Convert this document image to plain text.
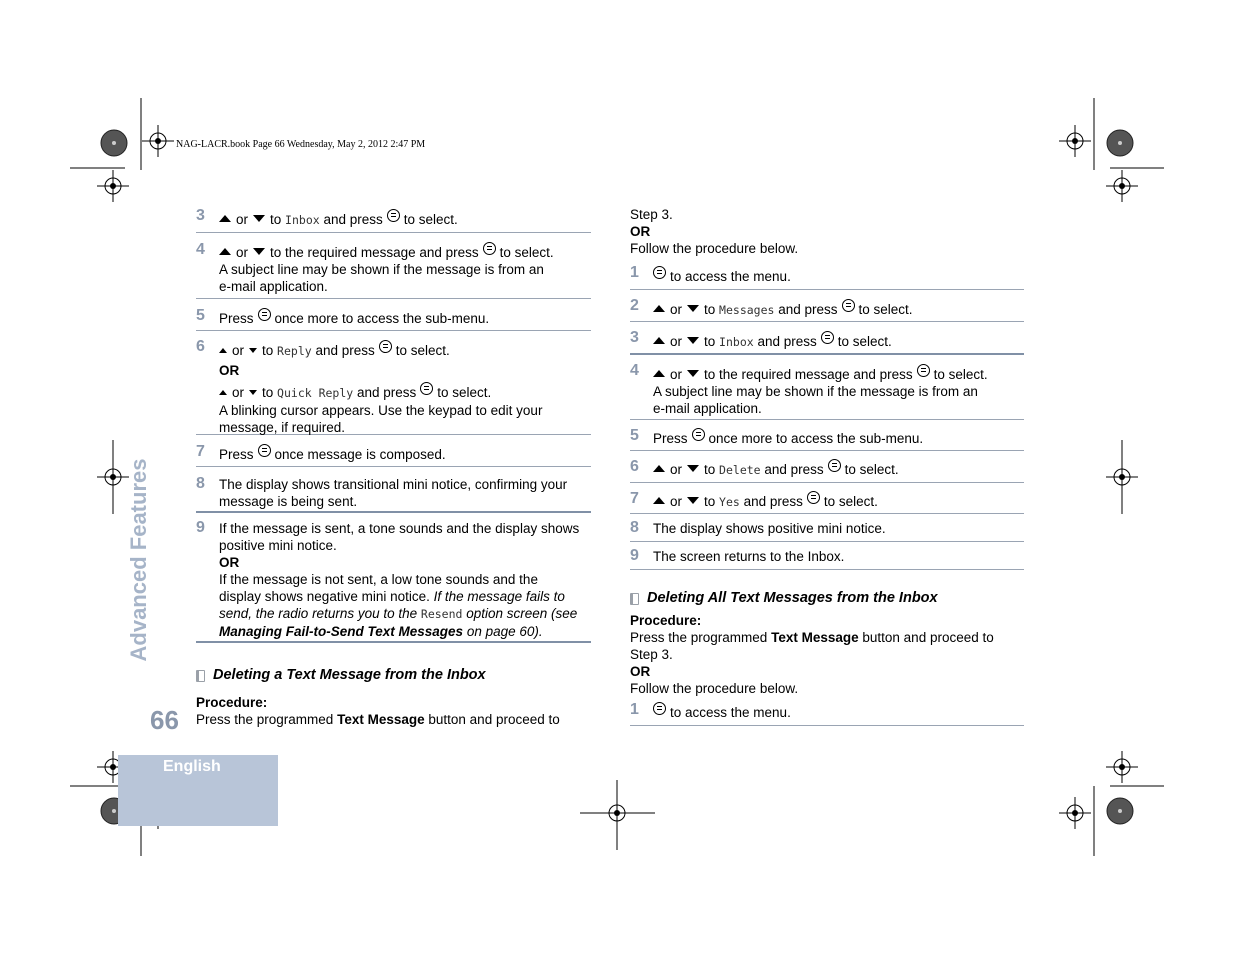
NAG-LACR.book Page 66 Wednesday, May 2, 2012 2:47 PM
3	or to Inbox and press to select.
4	or to the required message and press to select.
A subject line may be shown if the message is from an
e-mail application.
5 Press once more to access the sub-menu.
6	or to Reply and press to select.
OR
or to Quick Reply and press to select.
A blinking cursor appears. Use the keypad to edit your
message, if required.
7 Press once message is composed.
8 The display shows transitional mini notice, confirming your
message is being sent.
9 If the message is sent, a tone sounds and the display shows
positive mini notice.
OR
If the message is not sent, a low tone sounds and the
display shows negative mini notice. If the message fails to
send, the radio returns you to the Resend option screen (see
Managing Fail-to-Send Text Messages on page 60).
Deleting a Text Message from the Inbox
Procedure:
Press the programmed Text Message button and proceed to
Step 3.
OR
Follow the procedure below.
1	to access the menu.
2	or to Messages and press to select.
3	or to Inbox and press to select.
4	or to the required message and press to select.
A subject line may be shown if the message is from an
e-mail application.
5 Press once more to access the sub-menu.
6	or to Delete and press to select.
7	or to Yes and press to select.
8 The display shows positive mini notice.
9 The screen returns to the Inbox.
Deleting All Text Messages from the Inbox
Procedure:
Press the programmed Text Message button and proceed to
Step 3.
OR
Follow the procedure below.
1	to access the menu.
Advanced Features
66
English
